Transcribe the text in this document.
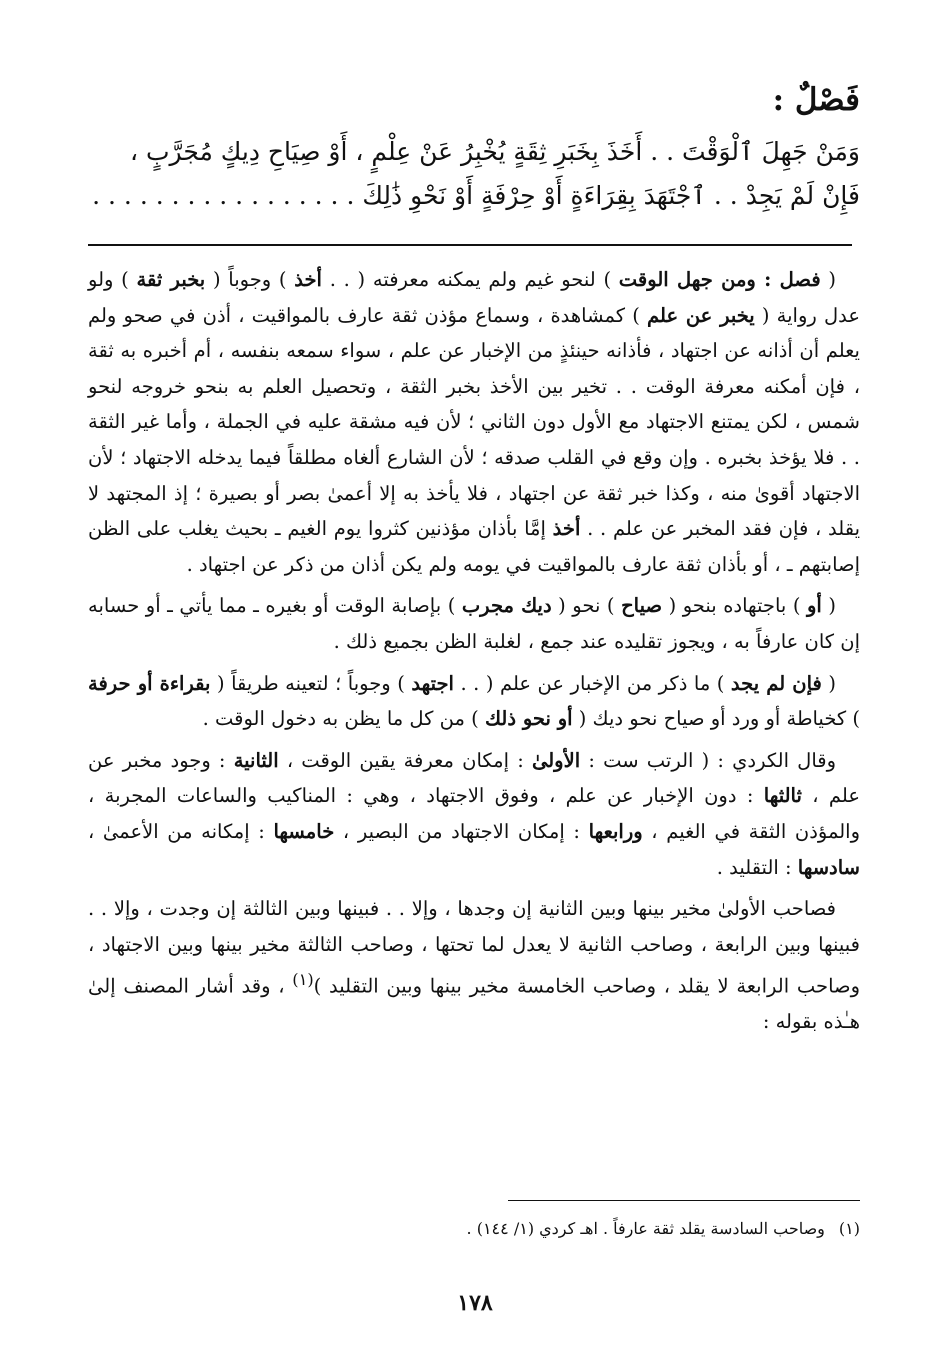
فَصْلٌ :
وَمَنْ جَهِلَ ٱلْوَقْتَ . . أَخَذَ بِخَبَرِ ثِقَةٍ يُخْبِرُ عَنْ عِلْمٍ ، أَوْ صِيَاحِ دِيكٍ مُجَرَّبٍ ،
فَإِنْ لَمْ يَجِدْ . . ٱجْتَهَدَ بِقِرَاءَةٍ أَوْ حِرْفَةٍ أَوْ نَحْوِ ذَٰلِكَ . . . . . . . . . . . . . . . . .

( فصل : ومن جهل الوقت ) لنحو غيم ولم يمكنه معرفته ( . . أخذ ) وجوباً ( بخبر ثقة ) ولو عدل رواية ( يخبر عن علم ) كمشاهدة ، وسماع مؤذن ثقة عارف بالمواقيت ، أذن في صحو ولم يعلم أن أذانه عن اجتهاد ، فأذانه حينئذٍ من الإخبار عن علم ، سواء سمعه بنفسه ، أم أخبره به ثقة ، فإن أمكنه معرفة الوقت . . تخير بين الأخذ بخبر الثقة ، وتحصيل العلم به بنحو خروجه لنحو شمس ، لكن يمتنع الاجتهاد مع الأول دون الثاني ؛ لأن فيه مشقة عليه في الجملة ، وأما غير الثقة . . فلا يؤخذ بخبره . وإن وقع في القلب صدقه ؛ لأن الشارع ألغاه مطلقاً فيما يدخله الاجتهاد ؛ لأن الاجتهاد أقوىٰ منه ، وكذا خبر ثقة عن اجتهاد ، فلا يأخذ به إلا أعمىٰ بصر أو بصيرة ؛ إذ المجتهد لا يقلد ، فإن فقد المخبر عن علم . . أخذ إمَّا بأذان مؤذنين كثروا يوم الغيم ـ بحيث يغلب على الظن إصابتهم ـ ، أو بأذان ثقة عارف بالمواقيت في يومه ولم يكن أذان من ذكر عن اجتهاد .

( أو ) باجتهاده بنحو ( صياح ) نحو ( ديك مجرب ) بإصابة الوقت أو بغيره ـ مما يأتي ـ أو حسابه إن كان عارفاً به ، ويجوز تقليده عند جمع ، لغلبة الظن بجميع ذلك .

( فإن لم يجد ) ما ذكر من الإخبار عن علم ( . . اجتهد ) وجوباً ؛ لتعينه طريقاً ( بقراءة أو حرفة ) كخياطة أو ورد أو صياح نحو ديك ( أو نحو ذلك ) من كل ما يظن به دخول الوقت .

وقال الكردي : ( الرتب ست : الأولىٰ : إمكان معرفة يقين الوقت ، الثانية : وجود مخبر عن علم ، ثالثها : دون الإخبار عن علم ، وفوق الاجتهاد ، وهي : المناكيب والساعات المجربة ، والمؤذن الثقة في الغيم ، ورابعها : إمكان الاجتهاد من البصير ، خامسها : إمكانه من الأعمىٰ ، سادسها : التقليد .

فصاحب الأولىٰ مخير بينها وبين الثانية إن وجدها ، وإلا . . فبينها وبين الثالثة إن وجدت ، وإلا . . فبينها وبين الرابعة ، وصاحب الثانية لا يعدل لما تحتها ، وصاحب الثالثة مخير بينها وبين الاجتهاد ، وصاحب الرابعة لا يقلد ، وصاحب الخامسة مخير بينها وبين التقليد )$^{(١)}$ ، وقد أشار المصنف إلىٰ هـٰذه بقوله :

(١)وصاحب السادسة يقلد ثقة عارفاً . اهـ كردي (١/ ١٤٤) .
١٧٨
